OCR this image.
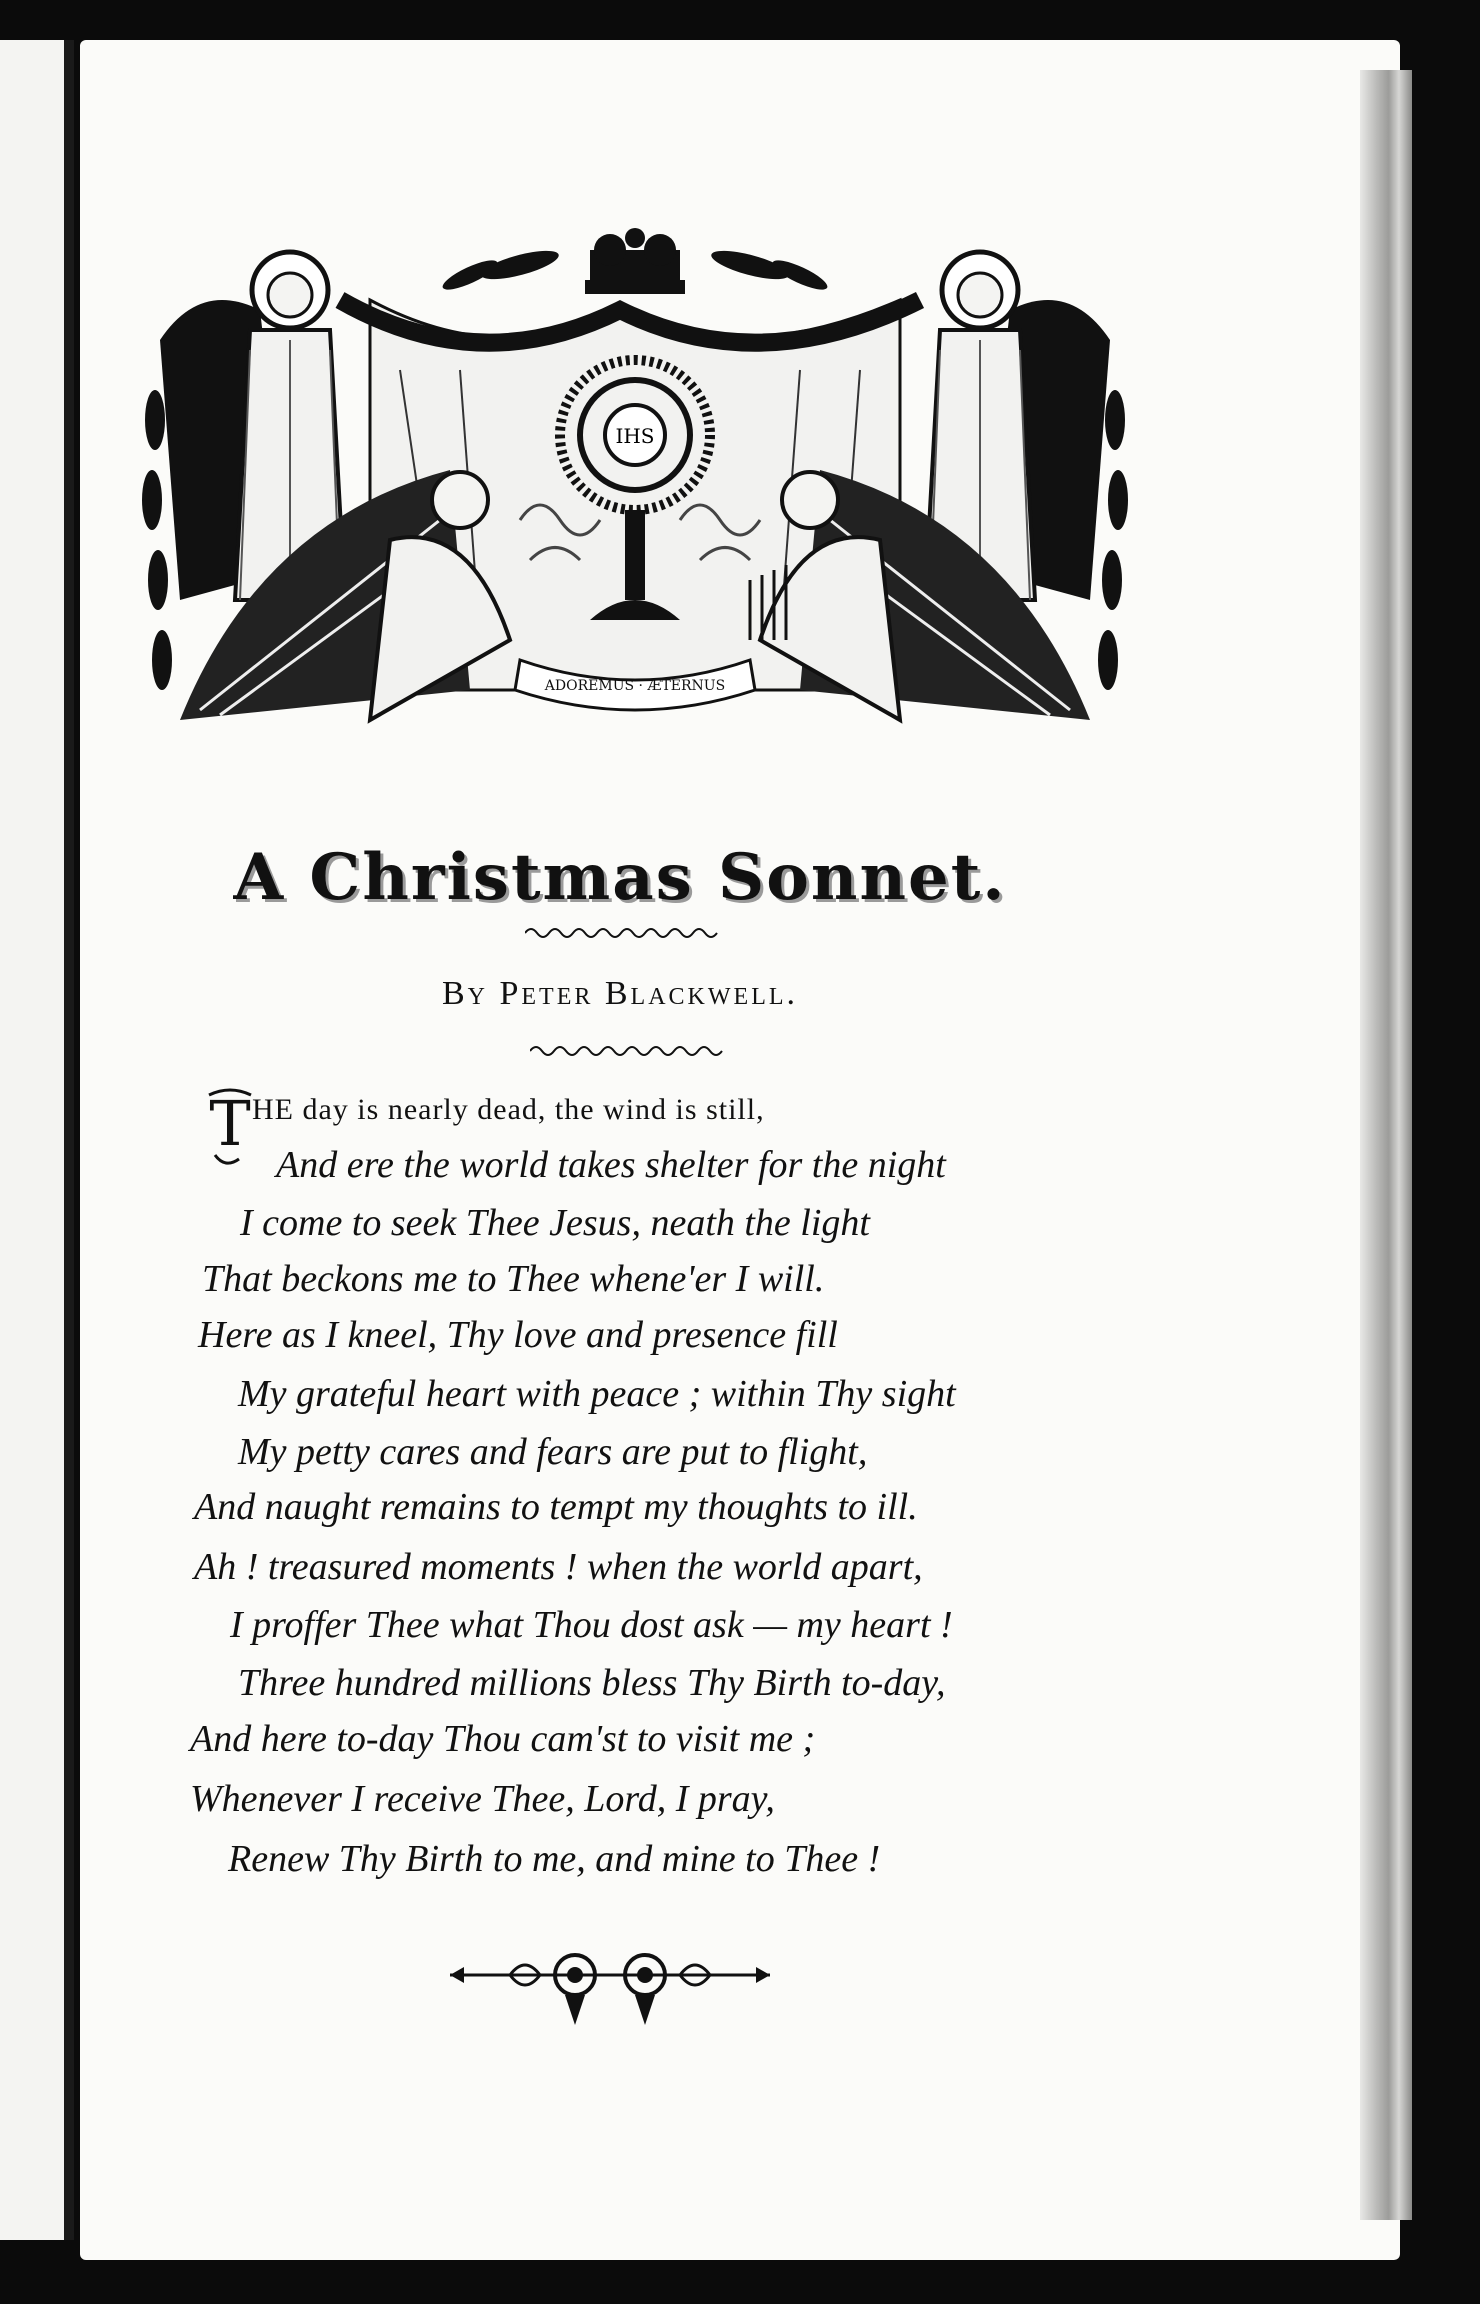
IHS
ADOREMUS · ÆTERNUS
A Christmas Sonnet.
By Peter Blackwell.
T HE day is nearly dead, the wind is still,
And ere the world takes shelter for the night
I come to seek Thee Jesus, neath the light
That beckons me to Thee whene'er I will.
Here as I kneel, Thy love and presence fill
My grateful heart with peace ; within Thy sight
My petty cares and fears are put to flight,
And naught remains to tempt my thoughts to ill.
Ah ! treasured moments ! when the world apart,
I proffer Thee what Thou dost ask — my heart !
Three hundred millions bless Thy Birth to-day,
And here to-day Thou cam'st to visit me ;
Whenever I receive Thee, Lord, I pray,
Renew Thy Birth to me, and mine to Thee !
